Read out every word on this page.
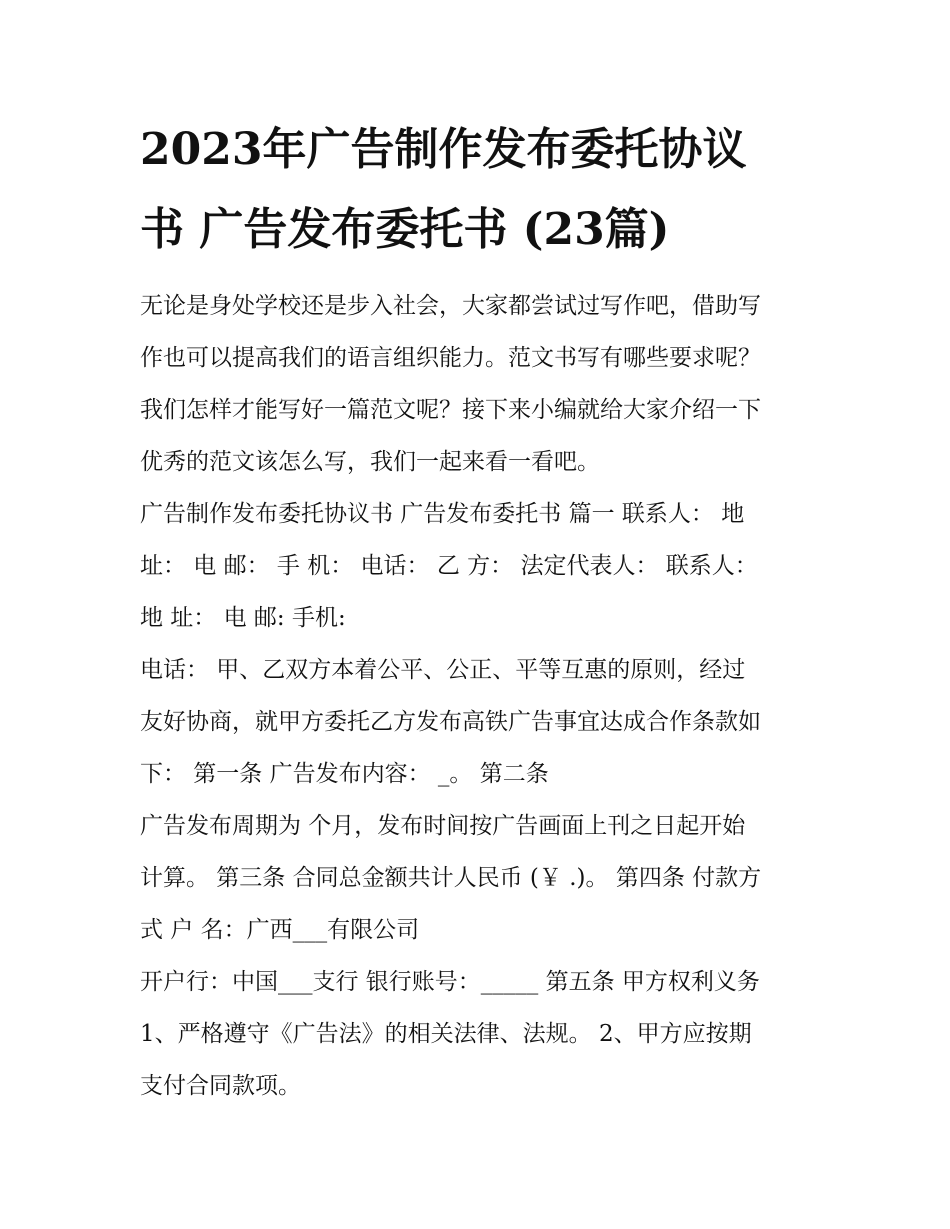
2023年广告制作发布委托协议
书 广告发布委托书 (23篇)

无论是身处学校还是步入社会，大家都尝试过写作吧，借助写
作也可以提高我们的语言组织能力。范文书写有哪些要求呢？
我们怎样才能写好一篇范文呢？接下来小编就给大家介绍一下
优秀的范文该怎么写，我们一起来看一看吧。

广告制作发布委托协议书 广告发布委托书 篇一 联系人： 地
址： 电 邮： 手 机： 电话： 乙 方： 法定代表人： 联系人：
地 址： 电 邮: 手机:

电话： 甲、乙双方本着公平、公正、平等互惠的原则，经过
友好协商，就甲方委托乙方发布高铁广告事宜达成合作条款如
下： 第一条 广告发布内容： _。 第二条

广告发布周期为 个月，发布时间按广告画面上刊之日起开始
计算。 第三条 合同总金额共计人民币 (￥ .)。 第四条 付款方
式 户 名：广西___有限公司

开户行：中国___支行 银行账号：_____ 第五条 甲方权利义务
1、严格遵守《广告法》的相关法律、法规。 2、甲方应按期
支付合同款项。
